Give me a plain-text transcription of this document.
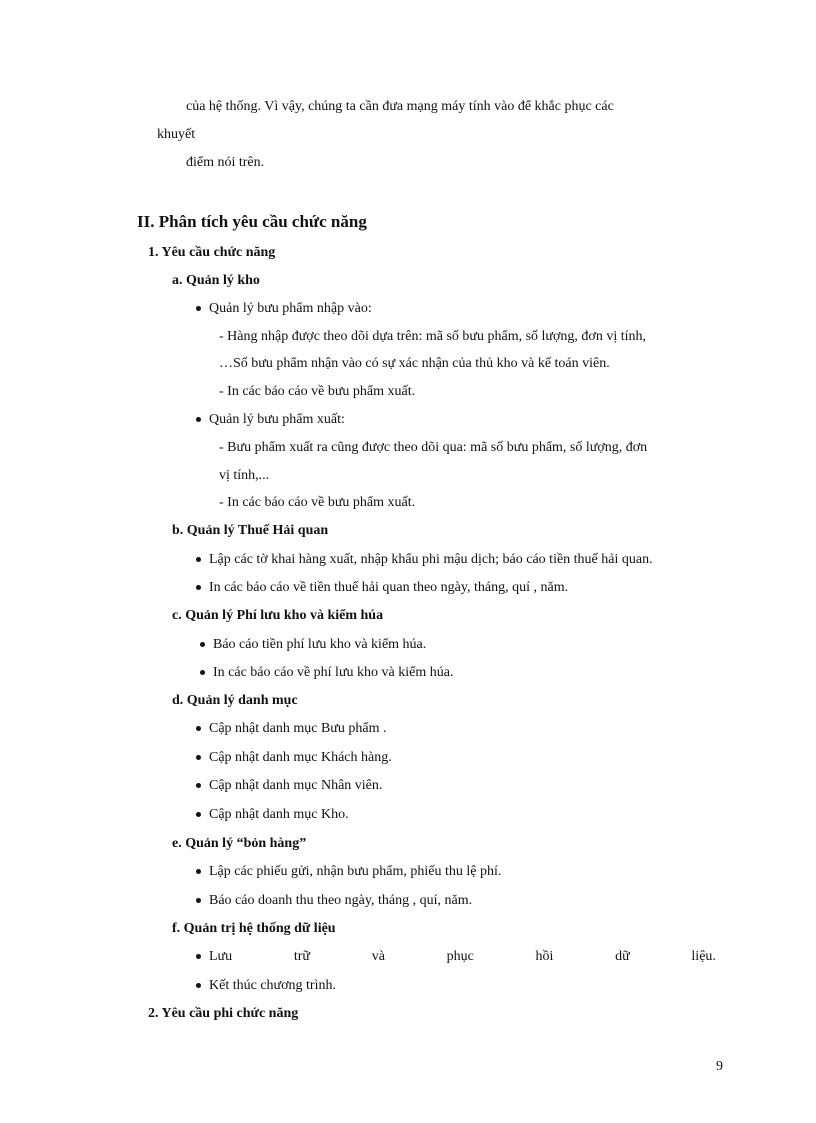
của hệ thống. Vì vậy, chúng ta cần đưa mạng máy tính vào để khắc phục các
khuyết
điểm nói trên.
II. Phân tích yêu cầu chức năng
1. Yêu cầu chức năng
a. Quản lý kho
Quản lý bưu phẩm nhập vào:
- Hàng nhập được theo dõi dựa trên: mã số bưu phẩm, số lượng, đơn vị tính,
…Số bưu phẩm nhận vào có sự xác nhận của thủ kho và kế toán viên.
- In các báo cáo về bưu phẩm xuất.
Quản lý bưu phẩm xuất:
- Bưu phẩm xuất ra cũng được theo dõi qua: mã số bưu phẩm, số lượng, đơn
vị tính,...
- In các báo cáo về bưu phẩm xuất.
b. Quản lý Thuế Hải quan
Lập các tờ khai hàng xuất, nhập khẩu phi mậu dịch; báo cáo tiền thuế hải quan.
In các báo cáo về tiền thuế hải quan theo ngày, tháng, quí , năm.
c. Quản lý Phí lưu kho và kiểm húa
Báo cáo tiền phí lưu kho và kiểm húa.
In các báo cáo về phí lưu kho và kiểm húa.
d. Quản lý danh mục
Cập nhật danh mục Bưu phẩm .
Cập nhật danh mục Khách hàng.
Cập nhật danh mục Nhân viên.
Cập nhật danh mục Kho.
e. Quản lý “bỏn hàng”
Lập các phiếu gửi, nhận bưu phẩm, phiếu thu lệ phí.
Báo cáo doanh thu theo ngày, tháng , quí, năm.
f. Quản trị hệ thống dữ liệu
Lưu	trữ	và	phục	hồi	dữ	liệu.
Kết thúc chương trình.
2. Yêu cầu phi chức năng
9
